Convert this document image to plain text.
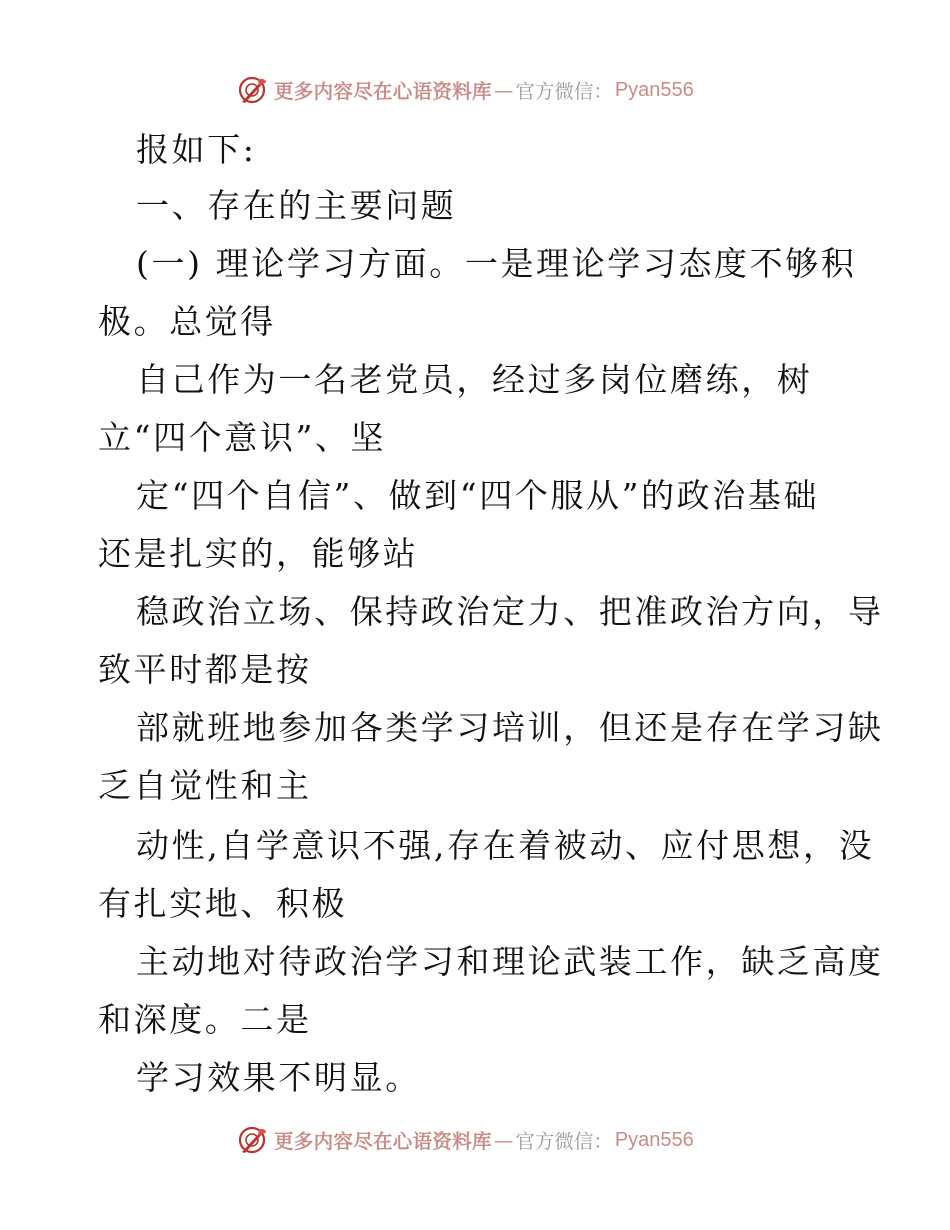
更多内容尽在心语资料库 — 官方微信： Pyan556
报如下:
一、存在的主要问题
(一) 理论学习方面。一是理论学习态度不够积
极。总觉得
自己作为一名老党员，经过多岗位磨练，树
立“四个意识”、坚
定“四个自信”、做到“四个服从”的政治基础
还是扎实的，能够站
稳政治立场、保持政治定力、把准政治方向，导
致平时都是按
部就班地参加各类学习培训，但还是存在学习缺
乏自觉性和主
动性,自学意识不强,存在着被动、应付思想，没
有扎实地、积极
主动地对待政治学习和理论武装工作，缺乏高度
和深度。二是
学习效果不明显。
更多内容尽在心语资料库 — 官方微信： Pyan556
